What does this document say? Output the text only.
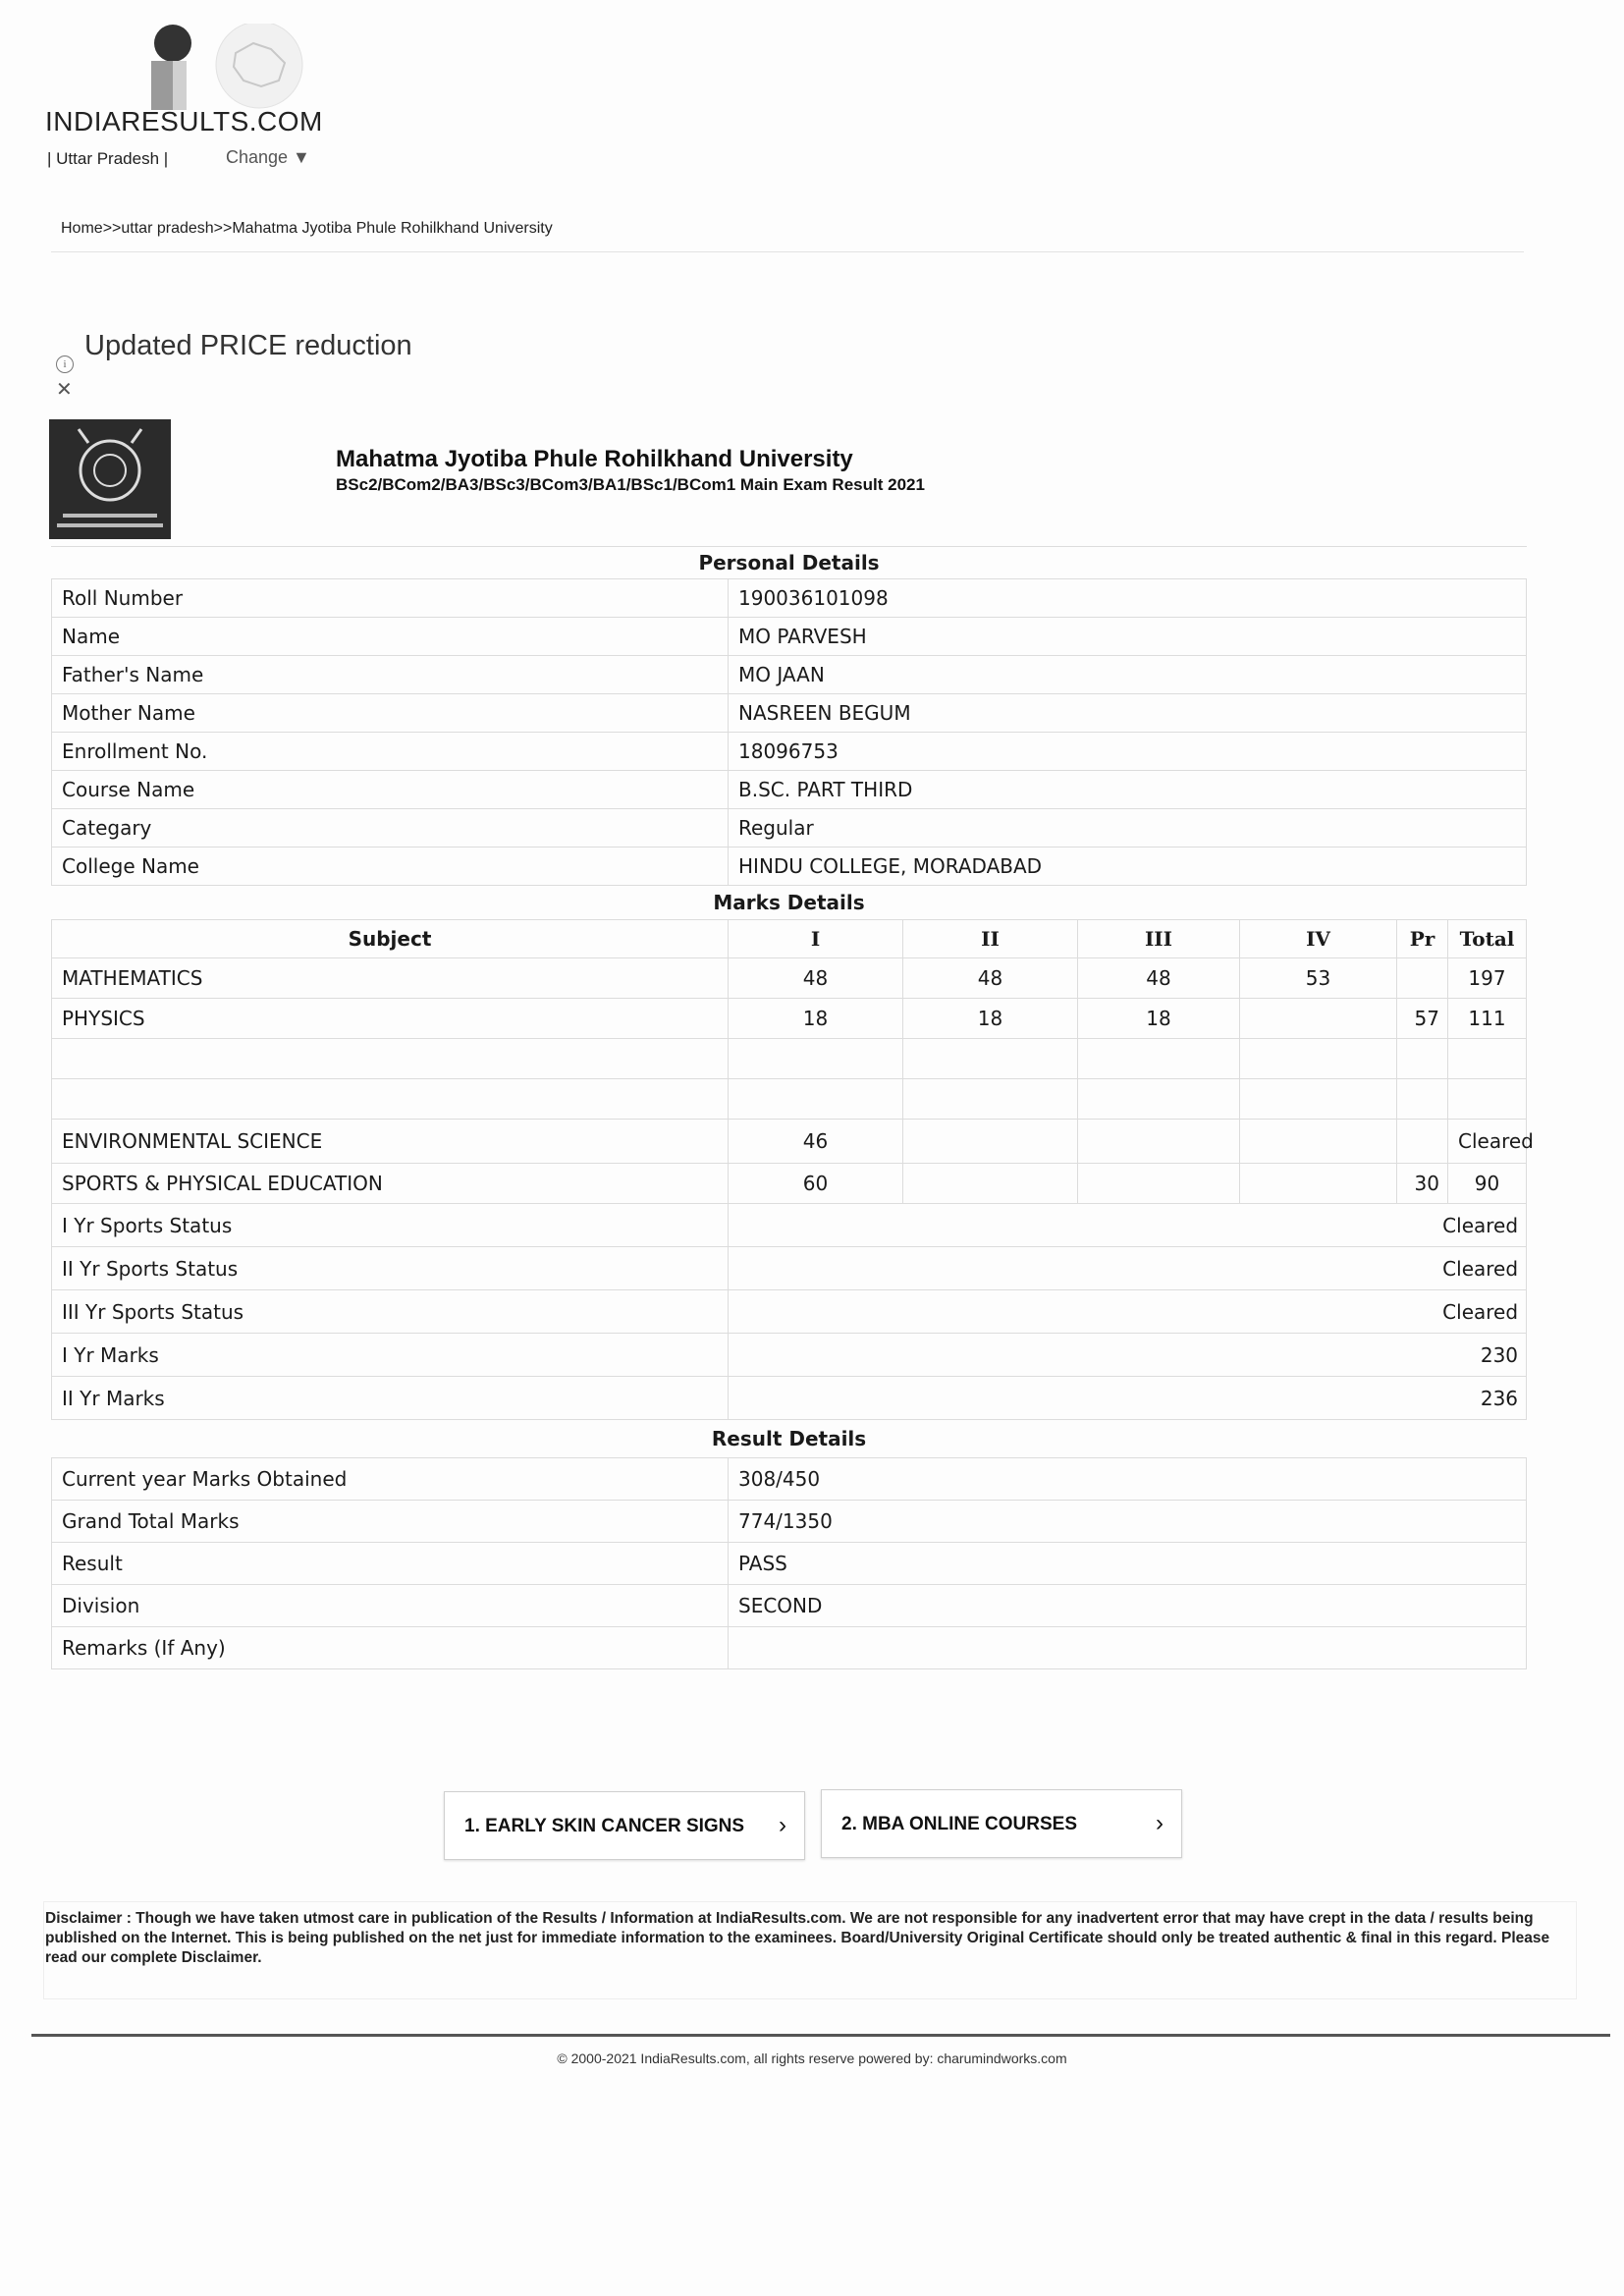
INDIARESULTS.COM
| Uttar Pradesh |	Change ▼
Home>>uttar pradesh>>Mahatma Jyotiba Phule Rohilkhand University
Updated PRICE reduction
i
✕
Mahatma Jyotiba Phule Rohilkhand University
BSc2/BCom2/BA3/BSc3/BCom3/BA1/BSc1/BCom1 Main Exam Result 2021
Personal Details						
Roll Number	190036101098					
Name	MO PARVESH					
Father's Name	MO JAAN					
Mother Name	NASREEN BEGUM					
Enrollment No.	18096753					
Course Name	B.SC. PART THIRD					
Categary	Regular					
College Name	HINDU COLLEGE, MORADABAD					
Marks Details						
Subject	I	II	III	IV	Pr	Total
MATHEMATICS	48	48	48	53		197
PHYSICS	18	18	18		57	111

ENVIRONMENTAL SCIENCE	46					Cleared
SPORTS & PHYSICAL EDUCATION	60				30	90
I Yr Sports Status	Cleared					
II Yr Sports Status	Cleared					
III Yr Sports Status	Cleared					
I Yr Marks	230					
II Yr Marks	236					
Result Details						
Current year Marks Obtained	308/450					
Grand Total Marks	774/1350					
Result	PASS					
Division	SECOND					
Remarks (If Any)						
1. EARLY SKIN CANCER SIGNS ›	2. MBA ONLINE COURSES	›
Disclaimer : Though we have taken utmost care in publication of the Results / Information at IndiaResults.com. We are not responsible for any inadvertent error that may have crept in the data / results being published on the Internet. This is being published on the net just for immediate information to the examinees. Board/University Original Certificate should only be treated authentic & final in this regard. Please read our complete Disclaimer.
© 2000-2021 IndiaResults.com, all rights reserve powered by: charumindworks.com
